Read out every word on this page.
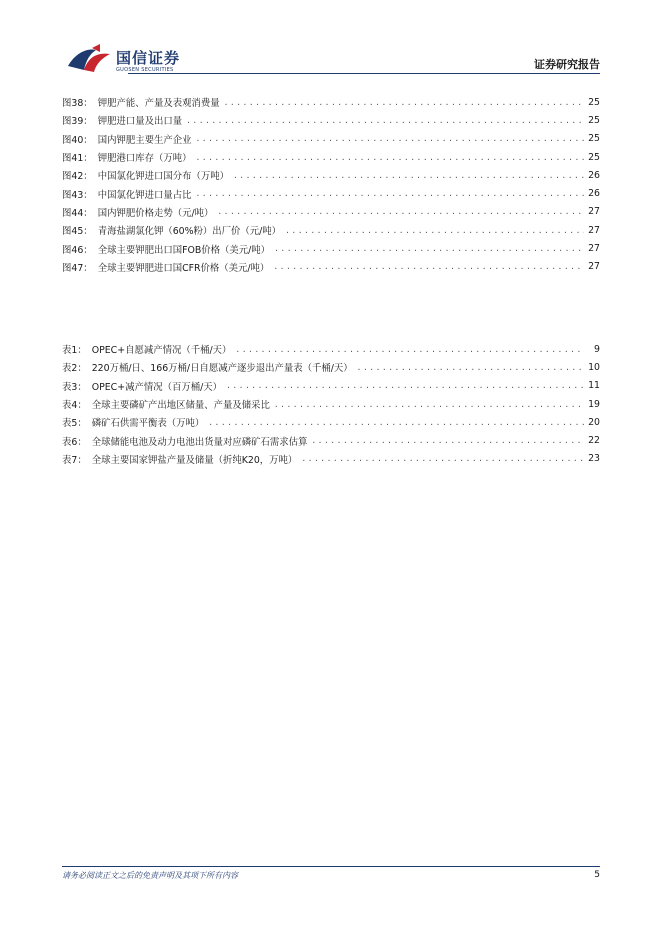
国信证券
GUOSEN SECURITIES	证券研究报告
图38： 钾肥产能、产量及表观消费量 .....	25
图39： 钾肥进口量及出口量 .....	25
图40： 国内钾肥主要生产企业 .....	25
图41： 钾肥港口库存（万吨） .....	25
图42： 中国氯化钾进口国分布（万吨） .....	26
图43： 中国氯化钾进口量占比 .....	26
图44： 国内钾肥价格走势（元/吨） .....	27
图45： 青海盐湖氯化钾（60%粉）出厂价（元/吨） .....	27
图46： 全球主要钾肥出口国FOB价格（美元/吨） .....	27
图47： 全球主要钾肥进口国CFR价格（美元/吨） .....	27
表1： OPEC+自愿减产情况（千桶/天） .....	9
表2： 220万桶/日、166万桶/日自愿减产逐步退出产量表（千桶/天） .....	10
表3： OPEC+减产情况（百万桶/天） .....	11
表4： 全球主要磷矿产出地区储量、产量及储采比 .....	19
表5： 磷矿石供需平衡表（万吨） .....	20
表6： 全球储能电池及动力电池出货量对应磷矿石需求估算 .....	22
表7： 全球主要国家钾盐产量及储量（折纯K20，万吨） .....	23
请务必阅读正文之后的免责声明及其项下所有内容	5
